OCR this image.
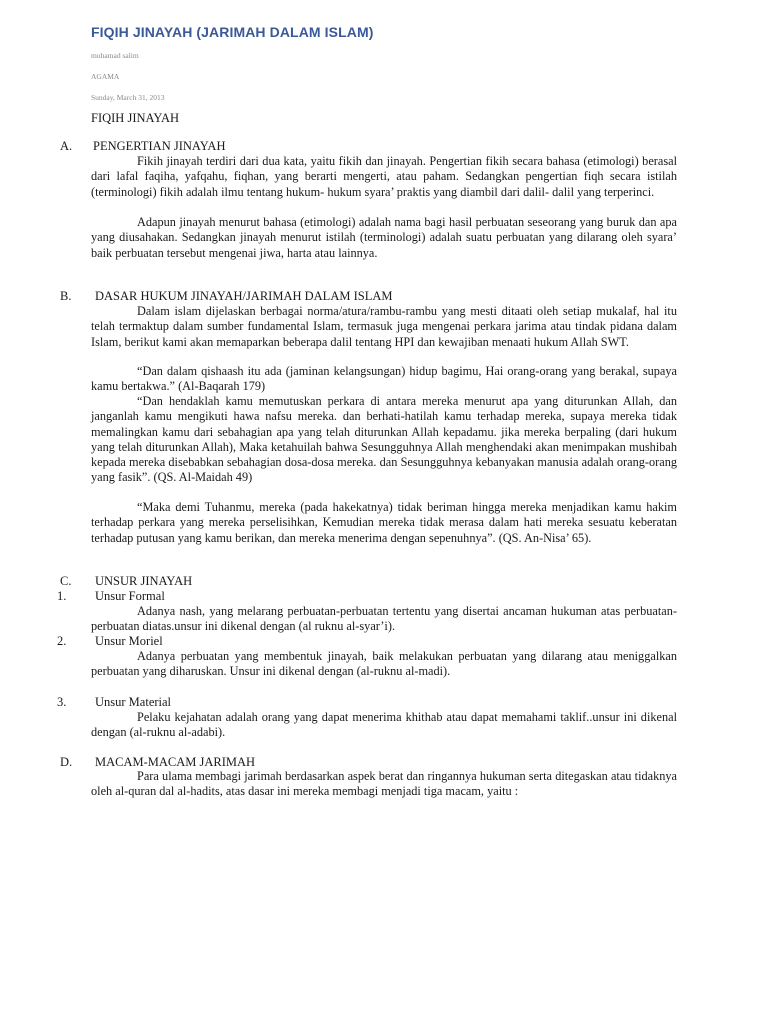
FIQIH JINAYAH (JARIMAH DALAM ISLAM)
muhamad salim
AGAMA
Sunday, March 31, 2013
FIQIH JINAYAH
A. PENGERTIAN JINAYAH

Fikih jinayah terdiri dari dua kata, yaitu fikih dan jinayah. Pengertian fikih secara bahasa (etimologi) berasal dari lafal faqiha, yafqahu, fiqhan, yang berarti mengerti, atau paham. Sedangkan pengertian fiqh secara istilah (terminologi) fikih adalah ilmu tentang hukum- hukum syara’ praktis yang diambil dari dalil- dalil yang terperinci.

Adapun jinayah menurut bahasa (etimologi) adalah nama bagi hasil perbuatan seseorang yang buruk dan apa yang diusahakan. Sedangkan jinayah menurut istilah (terminologi) adalah suatu perbuatan yang dilarang oleh syara’ baik perbuatan tersebut mengenai jiwa, harta atau lainnya.

B. DASAR HUKUM JINAYAH/JARIMAH DALAM ISLAM

Dalam islam dijelaskan berbagai norma/atura/rambu-rambu yang mesti ditaati oleh setiap mukalaf, hal itu telah termaktup dalam sumber fundamental Islam, termasuk juga mengenai perkara jarima atau tindak pidana dalam Islam, berikut kami akan memaparkan beberapa dalil tentang HPI dan kewajiban menaati hukum Allah SWT.

“Dan dalam qishaash itu ada (jaminan kelangsungan) hidup bagimu, Hai orang-orang yang berakal, supaya kamu bertakwa.” (Al-Baqarah 179)

“Dan hendaklah kamu memutuskan perkara di antara mereka menurut apa yang diturunkan Allah, dan janganlah kamu mengikuti hawa nafsu mereka. dan berhati-hatilah kamu terhadap mereka, supaya mereka tidak memalingkan kamu dari sebahagian apa yang telah diturunkan Allah kepadamu. jika mereka berpaling (dari hukum yang telah diturunkan Allah), Maka ketahuilah bahwa Sesungguhnya Allah menghendaki akan menimpakan mushibah kepada mereka disebabkan sebahagian dosa-dosa mereka. dan Sesungguhnya kebanyakan manusia adalah orang-orang yang fasik”. (QS. Al-Maidah 49)

“Maka demi Tuhanmu, mereka (pada hakekatnya) tidak beriman hingga mereka menjadikan kamu hakim terhadap perkara yang mereka perselisihkan, Kemudian mereka tidak merasa dalam hati mereka sesuatu keberatan terhadap putusan yang kamu berikan, dan mereka menerima dengan sepenuhnya”. (QS. An-Nisa’ 65).

C. UNSUR JINAYAH
1. Unsur Formal

Adanya nash, yang melarang perbuatan-perbuatan tertentu yang disertai ancaman hukuman atas perbuatan-perbuatan diatas.unsur ini dikenal dengan (al ruknu al-syar’i).

2. Unsur Moriel

Adanya perbuatan yang membentuk jinayah, baik melakukan perbuatan yang dilarang atau meniggalkan perbuatan yang diharuskan. Unsur ini dikenal dengan (al-ruknu al-madi).

3. Unsur Material

Pelaku kejahatan adalah orang yang dapat menerima khithab atau dapat memahami taklif..unsur ini dikenal dengan (al-ruknu al-adabi).

D. MACAM-MACAM JARIMAH

Para ulama membagi jarimah berdasarkan aspek berat dan ringannya hukuman serta ditegaskan atau tidaknya oleh al-quran dal al-hadits, atas dasar ini mereka membagi menjadi tiga macam, yaitu :
